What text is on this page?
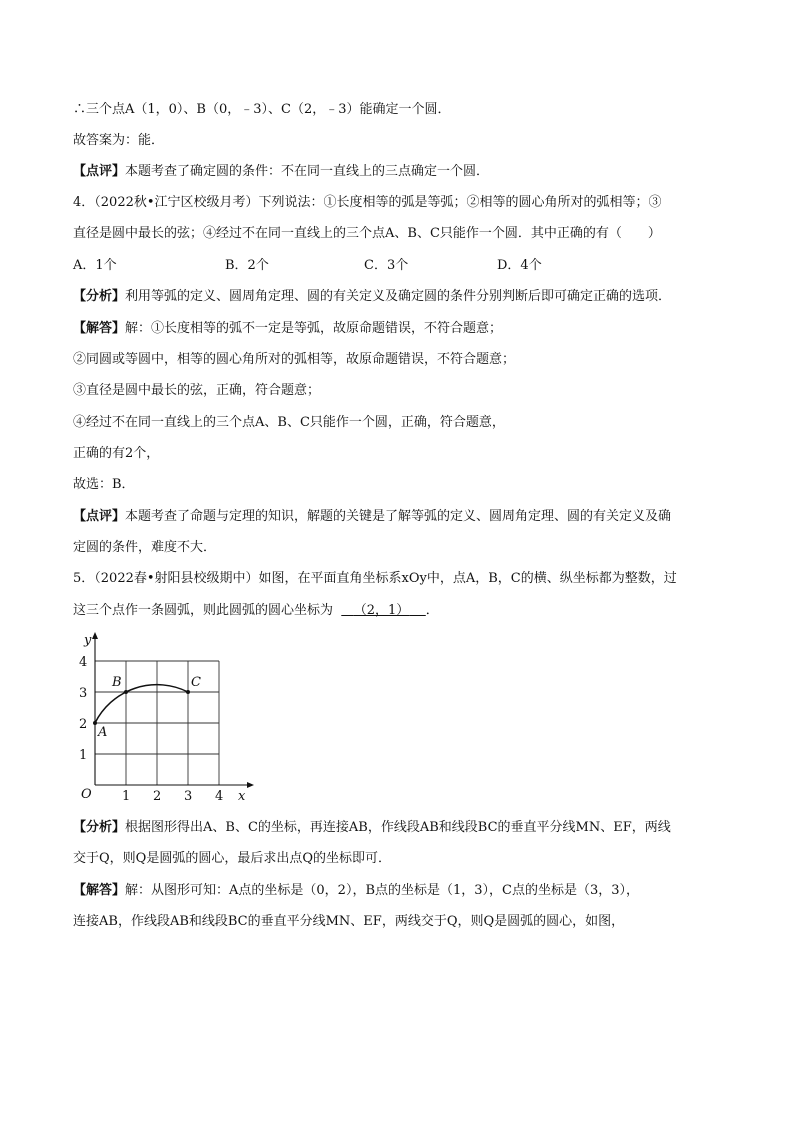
∴三个点A（1，0）、B（0，﹣3）、C（2，﹣3）能确定一个圆．
故答案为：能．
【点评】本题考查了确定圆的条件：不在同一直线上的三点确定一个圆．
4．（2022秋•江宁区校级月考）下列说法：①长度相等的弧是等弧；②相等的圆心角所对的弧相等；③
直径是圆中最长的弦；④经过不在同一直线上的三个点A、B、C只能作一个圆．其中正确的有（　　）
A．1个	B．2个	C．3个	D．4个
【分析】利用等弧的定义、圆周角定理、圆的有关定义及确定圆的条件分别判断后即可确定正确的选项．
【解答】解：①长度相等的弧不一定是等弧，故原命题错误，不符合题意；
②同圆或等圆中，相等的圆心角所对的弧相等，故原命题错误，不符合题意；
③直径是圆中最长的弦，正确，符合题意；
④经过不在同一直线上的三个点A、B、C只能作一个圆，正确，符合题意，
正确的有2个，
故选：B．
【点评】本题考查了命题与定理的知识，解题的关键是了解等弧的定义、圆周角定理、圆的有关定义及确
定圆的条件，难度不大．
5．（2022春•射阳县校级期中）如图，在平面直角坐标系xOy中，点A，B，C的横、纵坐标都为整数，过
这三个点作一条圆弧，则此圆弧的圆心坐标为 （2，1） ．
y
x
O 1 2 3 4
1
2
3
4
A
B	C
【分析】根据图形得出A、B、C的坐标，再连接AB，作线段AB和线段BC的垂直平分线MN、EF，两线
交于Q，则Q是圆弧的圆心，最后求出点Q的坐标即可．
【解答】解：从图形可知：A点的坐标是（0，2），B点的坐标是（1，3），C点的坐标是（3，3），
连接AB，作线段AB和线段BC的垂直平分线MN、EF，两线交于Q，则Q是圆弧的圆心，如图，
